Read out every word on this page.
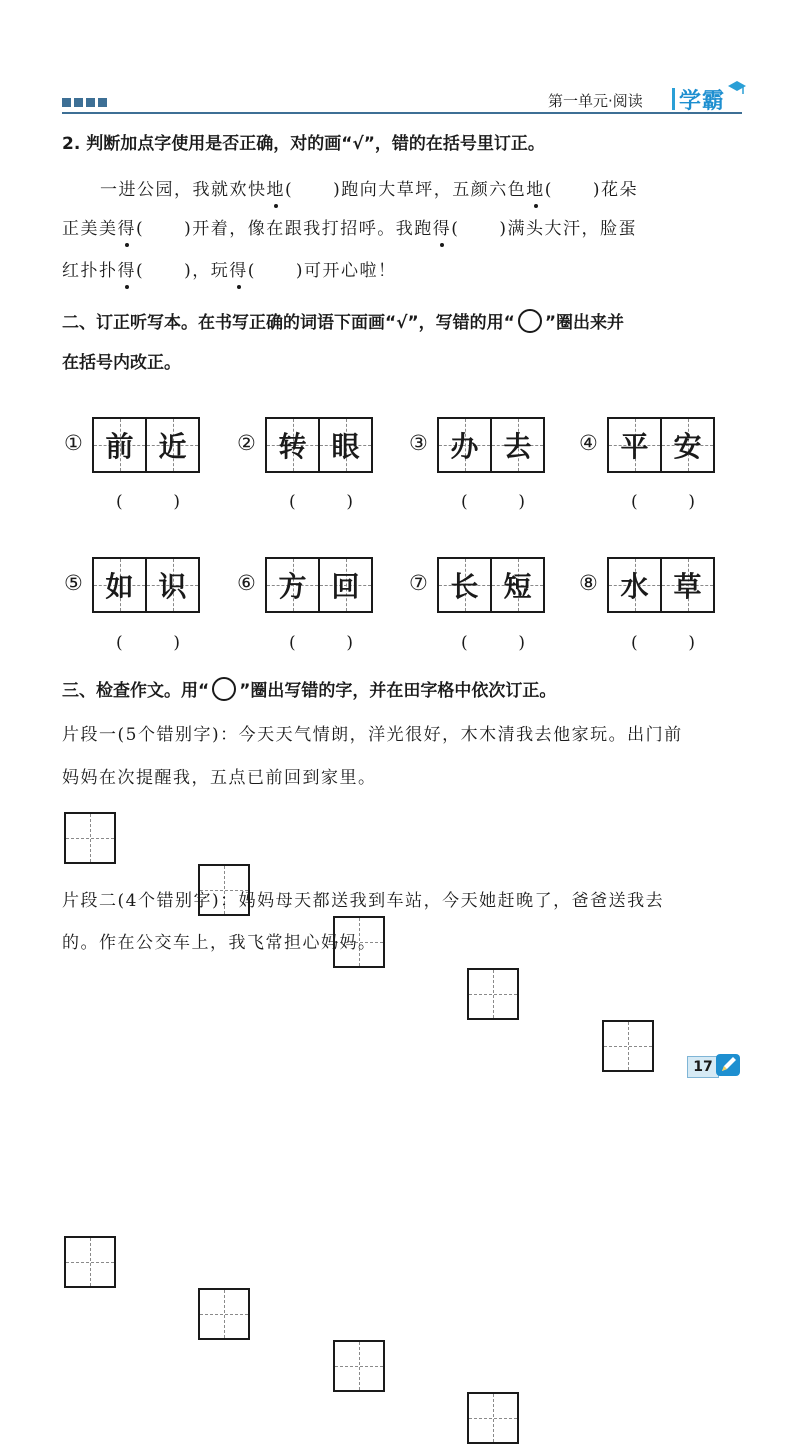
第一单元·阅读 学霸
2. 判断加点字使用是否正确，对的画“√”，错的在括号里订正。
一进公园，我就欢快地( )跑向大草坪，五颜六色地( )花朵
正美美得( )开着，像在跟我打招呼。我跑得( )满头大汗，脸蛋
红扑扑得( )，玩得( )可开心啦！
二、订正听写本。在书写正确的词语下面画“√”，写错的用“ ”圈出来并
在括号内改正。
① 前 近
(	)
② 转 眼
(	)
③ 办 去
(	)
④ 平 安
(	)
⑤ 如 识
(	)
⑥ 方 回
(	)
⑦ 长 短
(	)
⑧ 水 草
(	)
三、检查作文。用“ ”圈出写错的字，并在田字格中依次订正。
片段一(5个错别字)：今天天气情朗，洋光很好，木木清我去他家玩。出门前
妈妈在次提醒我，五点已前回到家里。
片段二(4个错别字)：妈妈母天都送我到车站，今天她赶晚了，爸爸送我去
的。作在公交车上，我飞常担心妈妈。
17
